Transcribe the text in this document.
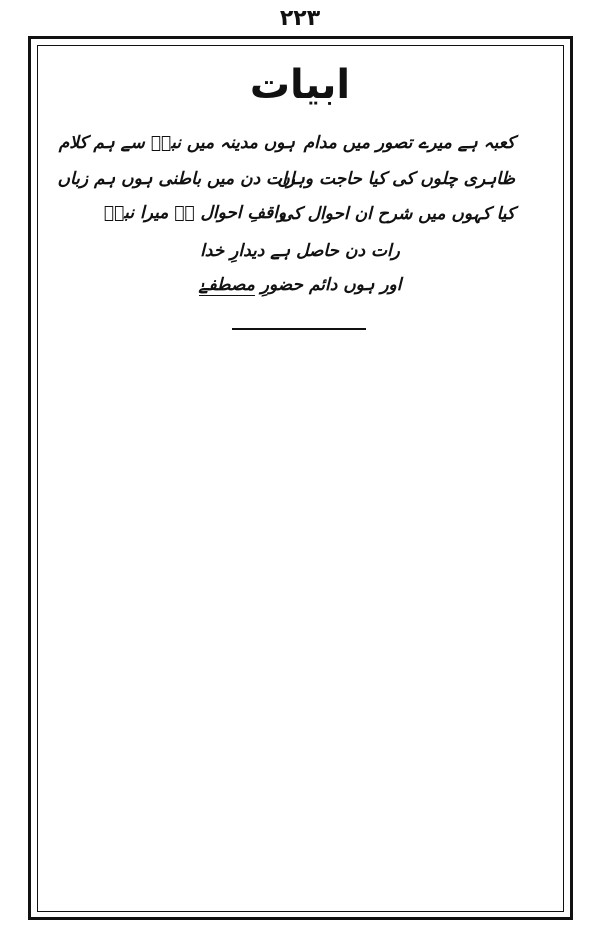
۲۲۳
ابیات
کعبہ ہے میرے تصور میں مدام
ہوں مدینہ میں نبیؐ سے ہم کلام
ظاہری چلوں کی کیا حاجت وہاں
رات دن میں باطنی ہوں ہم زباں
کیا کہوں میں شرح ان احوال کی
واقفِ احوال ہے میرا نبیؐ
رات دن حاصل ہے دیدارِ خدا
اور ہوں دائم حضورِ مصطفےٰ
